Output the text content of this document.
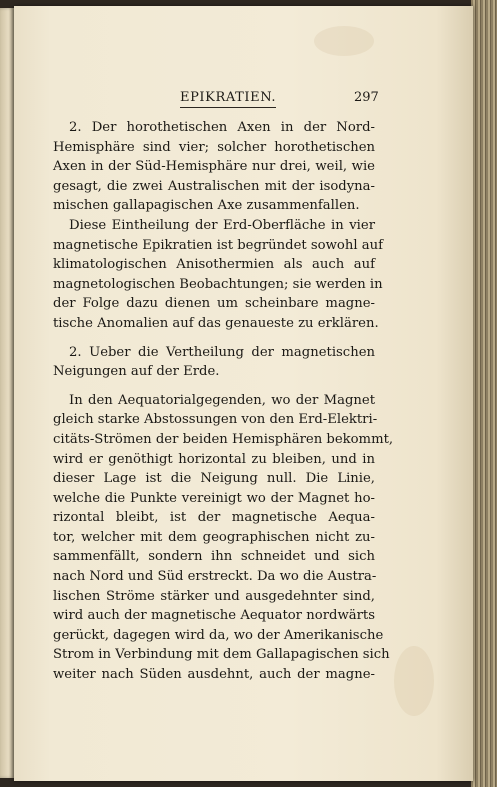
EPIKRATIEN.	297
2. Der horothetischen Axen in der Nord-
Hemisphäre sind vier; solcher horothetischen
Axen in der Süd-Hemisphäre nur drei, weil, wie
gesagt, die zwei Australischen mit der isodyna-
mischen gallapagischen Axe zusammenfallen.
Diese Eintheilung der Erd-Oberfläche in vier
magnetische Epikratien ist begründet sowohl auf
klimatologischen Anisothermien als auch auf
magnetologischen Beobachtungen; sie werden in
der Folge dazu dienen um scheinbare magne-
tische Anomalien auf das genaueste zu erklären.
2. Ueber die Vertheilung der magnetischen
Neigungen auf der Erde.
In den Aequatorialgegenden, wo der Magnet
gleich starke Abstossungen von den Erd-Elektri-
citäts-Strömen der beiden Hemisphären bekommt,
wird er genöthigt horizontal zu bleiben, und in
dieser Lage ist die Neigung null. Die Linie,
welche die Punkte vereinigt wo der Magnet ho-
rizontal bleibt, ist der magnetische Aequa-
tor, welcher mit dem geographischen nicht zu-
sammenfällt, sondern ihn schneidet und sich
nach Nord und Süd erstreckt. Da wo die Austra-
lischen Ströme stärker und ausgedehnter sind,
wird auch der magnetische Aequator nordwärts
gerückt, dagegen wird da, wo der Amerikanische
Strom in Verbindung mit dem Gallapagischen sich
weiter nach Süden ausdehnt, auch der magne-
